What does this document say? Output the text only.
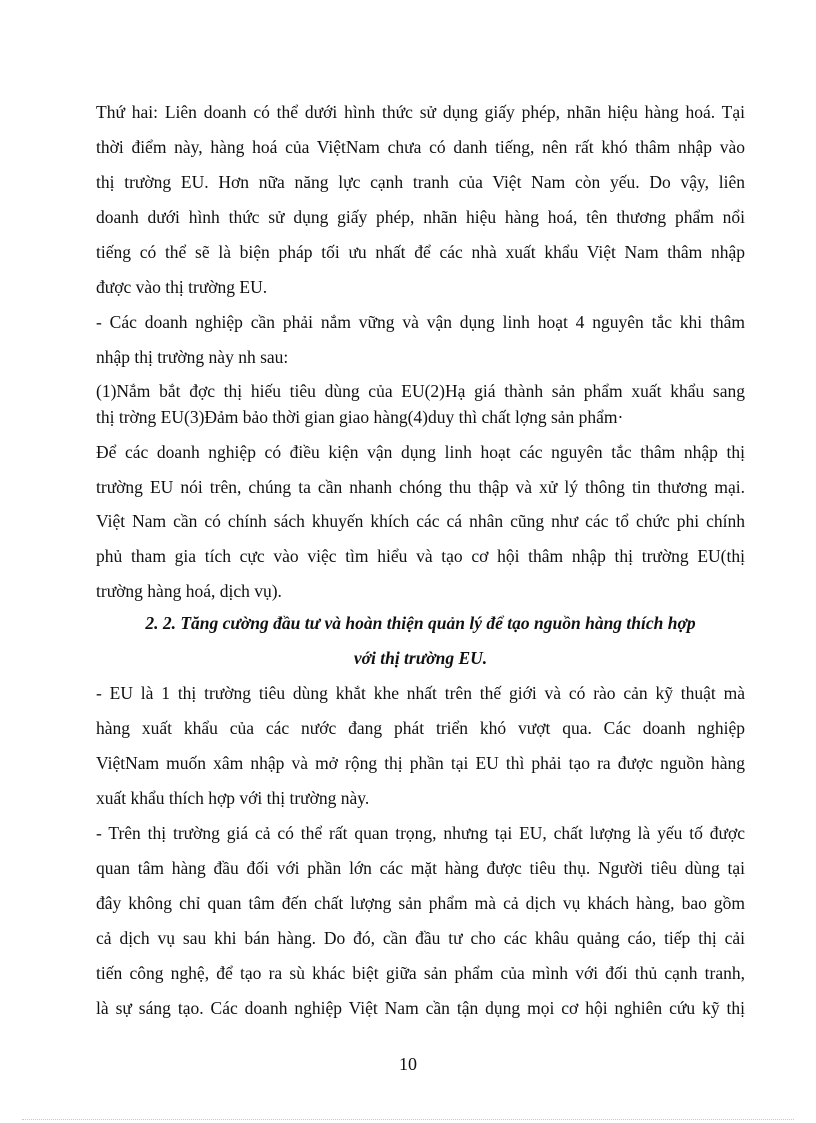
Thứ hai: Liên doanh có thể dưới hình thức sử dụng giấy phép, nhãn hiệu hàng hoá. Tại
thời điểm này, hàng hoá của ViệtNam chưa có danh tiếng, nên rất khó thâm nhập vào
thị trường EU. Hơn nữa năng lực cạnh tranh của Việt Nam còn yếu. Do vậy, liên
doanh dưới hình thức sử dụng giấy phép, nhãn hiệu hàng hoá, tên thương phẩm nổi
tiếng có thể sẽ là biện pháp tối ưu nhất để các nhà xuất khẩu Việt Nam thâm nhập
được vào thị trường EU.
- Các doanh nghiệp cần phải nắm vững và vận dụng linh hoạt 4 nguyên tắc khi thâm
nhập thị trường này nh sau:
(1)Nắm bắt đợc thị hiếu tiêu dùng của EU(2)Hạ giá thành sản phẩm xuất khẩu sang
thị trờng EU(3)Đảm bảo thời gian giao hàng(4)duy thì chất lợng sản phẩm·
Để các doanh nghiệp có điều kiện vận dụng linh hoạt các nguyên tắc thâm nhập thị
trường EU nói trên, chúng ta cần nhanh chóng thu thập và xử lý thông tin thương mại.
Việt Nam cần có chính sách khuyến khích các cá nhân cũng như các tổ chức phi chính
phủ tham gia tích cực vào việc tìm hiểu và tạo cơ hội thâm nhập thị trường EU(thị
trường hàng hoá, dịch vụ).
2. 2. Tăng cường đầu tư và hoàn thiện quản lý để tạo nguồn hàng thích hợp
với thị trường EU.
- EU là 1 thị trường tiêu dùng khắt khe nhất trên thế giới và có rào cản kỹ thuật mà
hàng xuất khẩu của các nước đang phát triển khó vượt qua. Các doanh nghiệp
ViệtNam muốn xâm nhập và mở rộng thị phần tại EU thì phải tạo ra được nguồn hàng
xuất khẩu thích hợp với thị trường này.
- Trên thị trường giá cả có thể rất quan trọng, nhưng tại EU, chất lượng là yếu tố được
quan tâm hàng đầu đối với phần lớn các mặt hàng được tiêu thụ. Người tiêu dùng tại
đây không chỉ quan tâm đến chất lượng sản phẩm mà cả dịch vụ khách hàng, bao gồm
cả dịch vụ sau khi bán hàng. Do đó, cần đầu tư cho các khâu quảng cáo, tiếp thị cải
tiến công nghệ, để tạo ra sù khác biệt giữa sản phẩm của mình với đối thủ cạnh tranh,
là sự sáng tạo. Các doanh nghiệp Việt Nam cần tận dụng mọi cơ hội nghiên cứu kỹ thị
10
